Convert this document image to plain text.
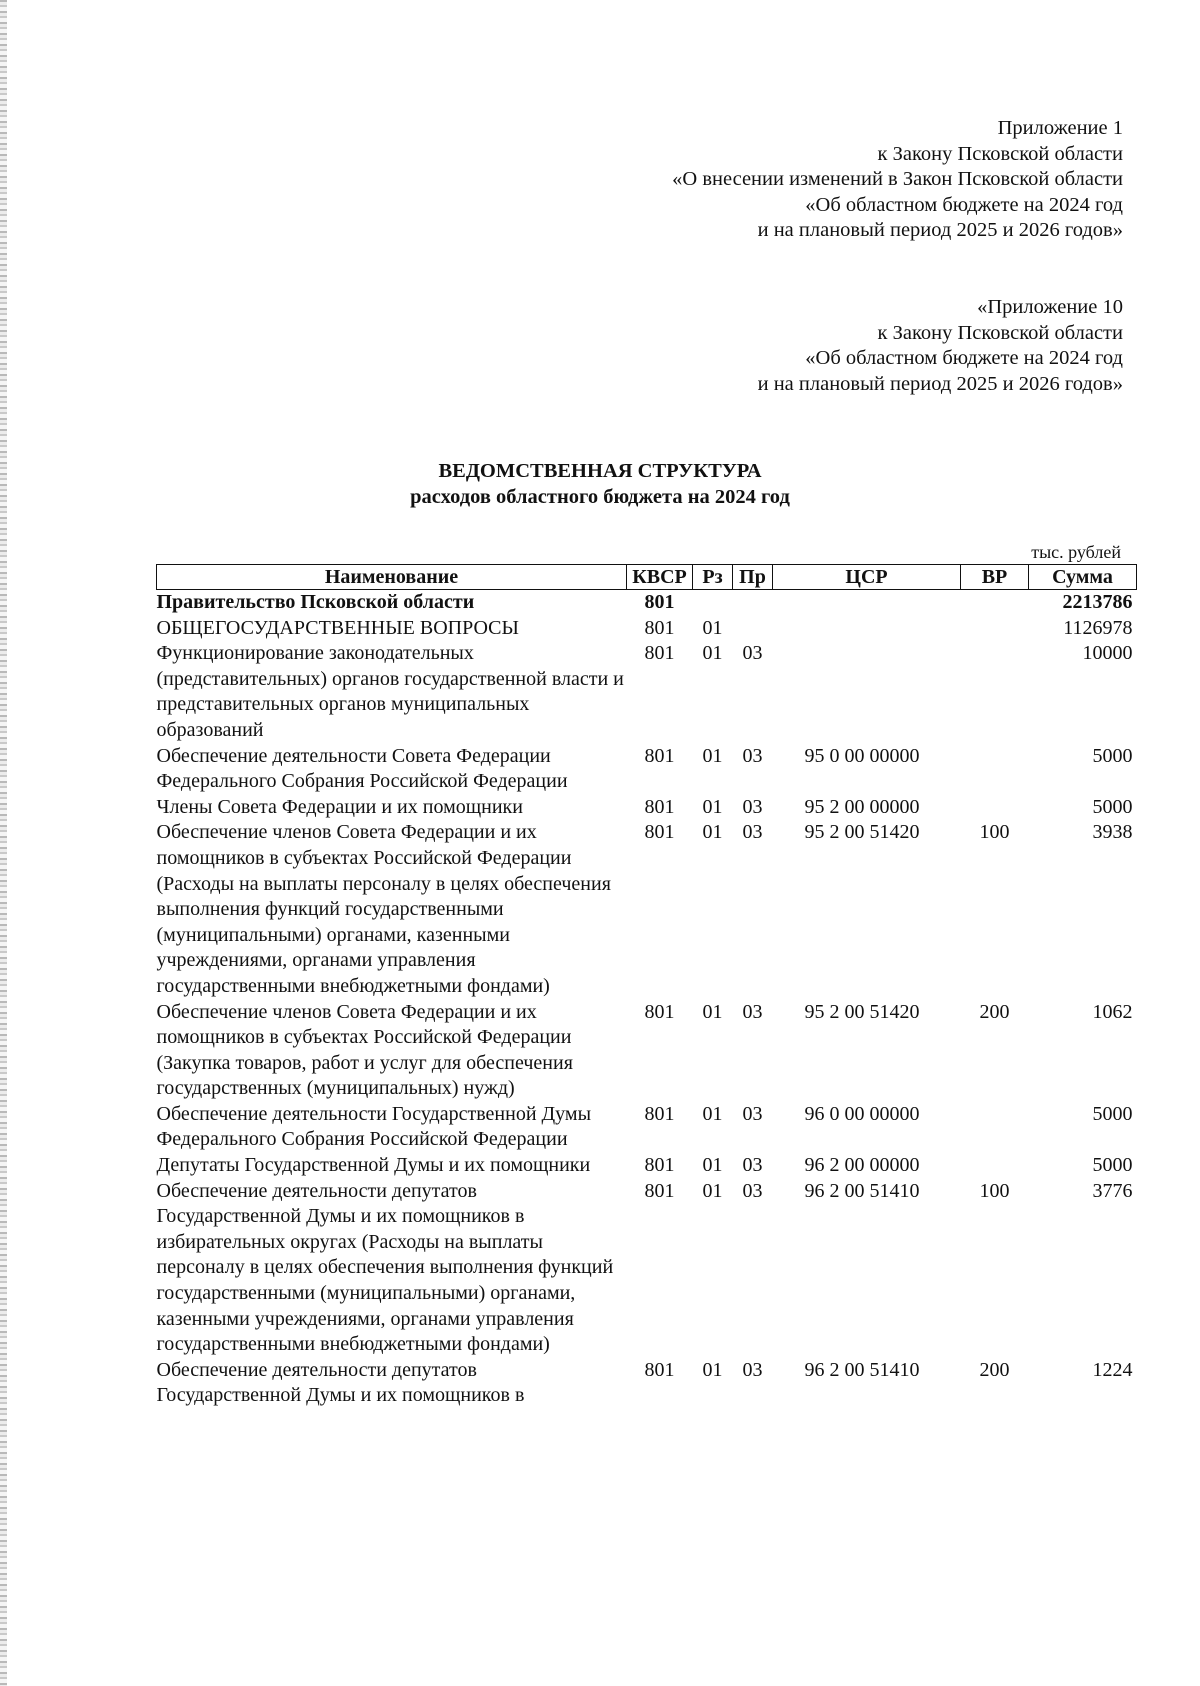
Приложение 1
к Закону Псковской области
«О внесении изменений в Закон Псковской области
«Об областном бюджете на 2024 год
и на плановый период 2025 и 2026 годов»
«Приложение 10
к Закону Псковской области
«Об областном бюджете на 2024 год
и на плановый период 2025 и 2026 годов»
ВЕДОМСТВЕННАЯ СТРУКТУРА
расходов областного бюджета на 2024 год
тыс. рублей
Наименование	КВСР	Рз	Пр	ЦСР	ВР	Сумма
Правительство Псковской области	801					2213786
ОБЩЕГОСУДАРСТВЕННЫЕ ВОПРОСЫ	801	01				1126978
Функционирование законодательных (представительных) органов государственной власти и представительных органов муниципальных образований	801	01	03			10000
Обеспечение деятельности Совета Федерации Федерального Собрания Российской Федерации	801	01	03	95 0 00 00000		5000
Члены Совета Федерации и их помощники	801	01	03	95 2 00 00000		5000
Обеспечение членов Совета Федерации и их помощников в субъектах Российской Федерации (Расходы на выплаты персоналу в целях обеспечения выполнения функций государственными (муниципальными) органами, казенными учреждениями, органами управления государственными внебюджетными фондами)	801	01	03	95 2 00 51420	100	3938
Обеспечение членов Совета Федерации и их помощников в субъектах Российской Федерации (Закупка товаров, работ и услуг для обеспечения государственных (муниципальных) нужд)	801	01	03	95 2 00 51420	200	1062
Обеспечение деятельности Государственной Думы Федерального Собрания Российской Федерации	801	01	03	96 0 00 00000		5000
Депутаты Государственной Думы и их помощники	801	01	03	96 2 00 00000		5000
Обеспечение деятельности депутатов Государственной Думы и их помощников в избирательных округах (Расходы на выплаты персоналу в целях обеспечения выполнения функций государственными (муниципальными) органами, казенными учреждениями, органами управления государственными внебюджетными фондами)	801	01	03	96 2 00 51410	100	3776
Обеспечение деятельности депутатов Государственной Думы и их помощников в	801	01	03	96 2 00 51410	200	1224
